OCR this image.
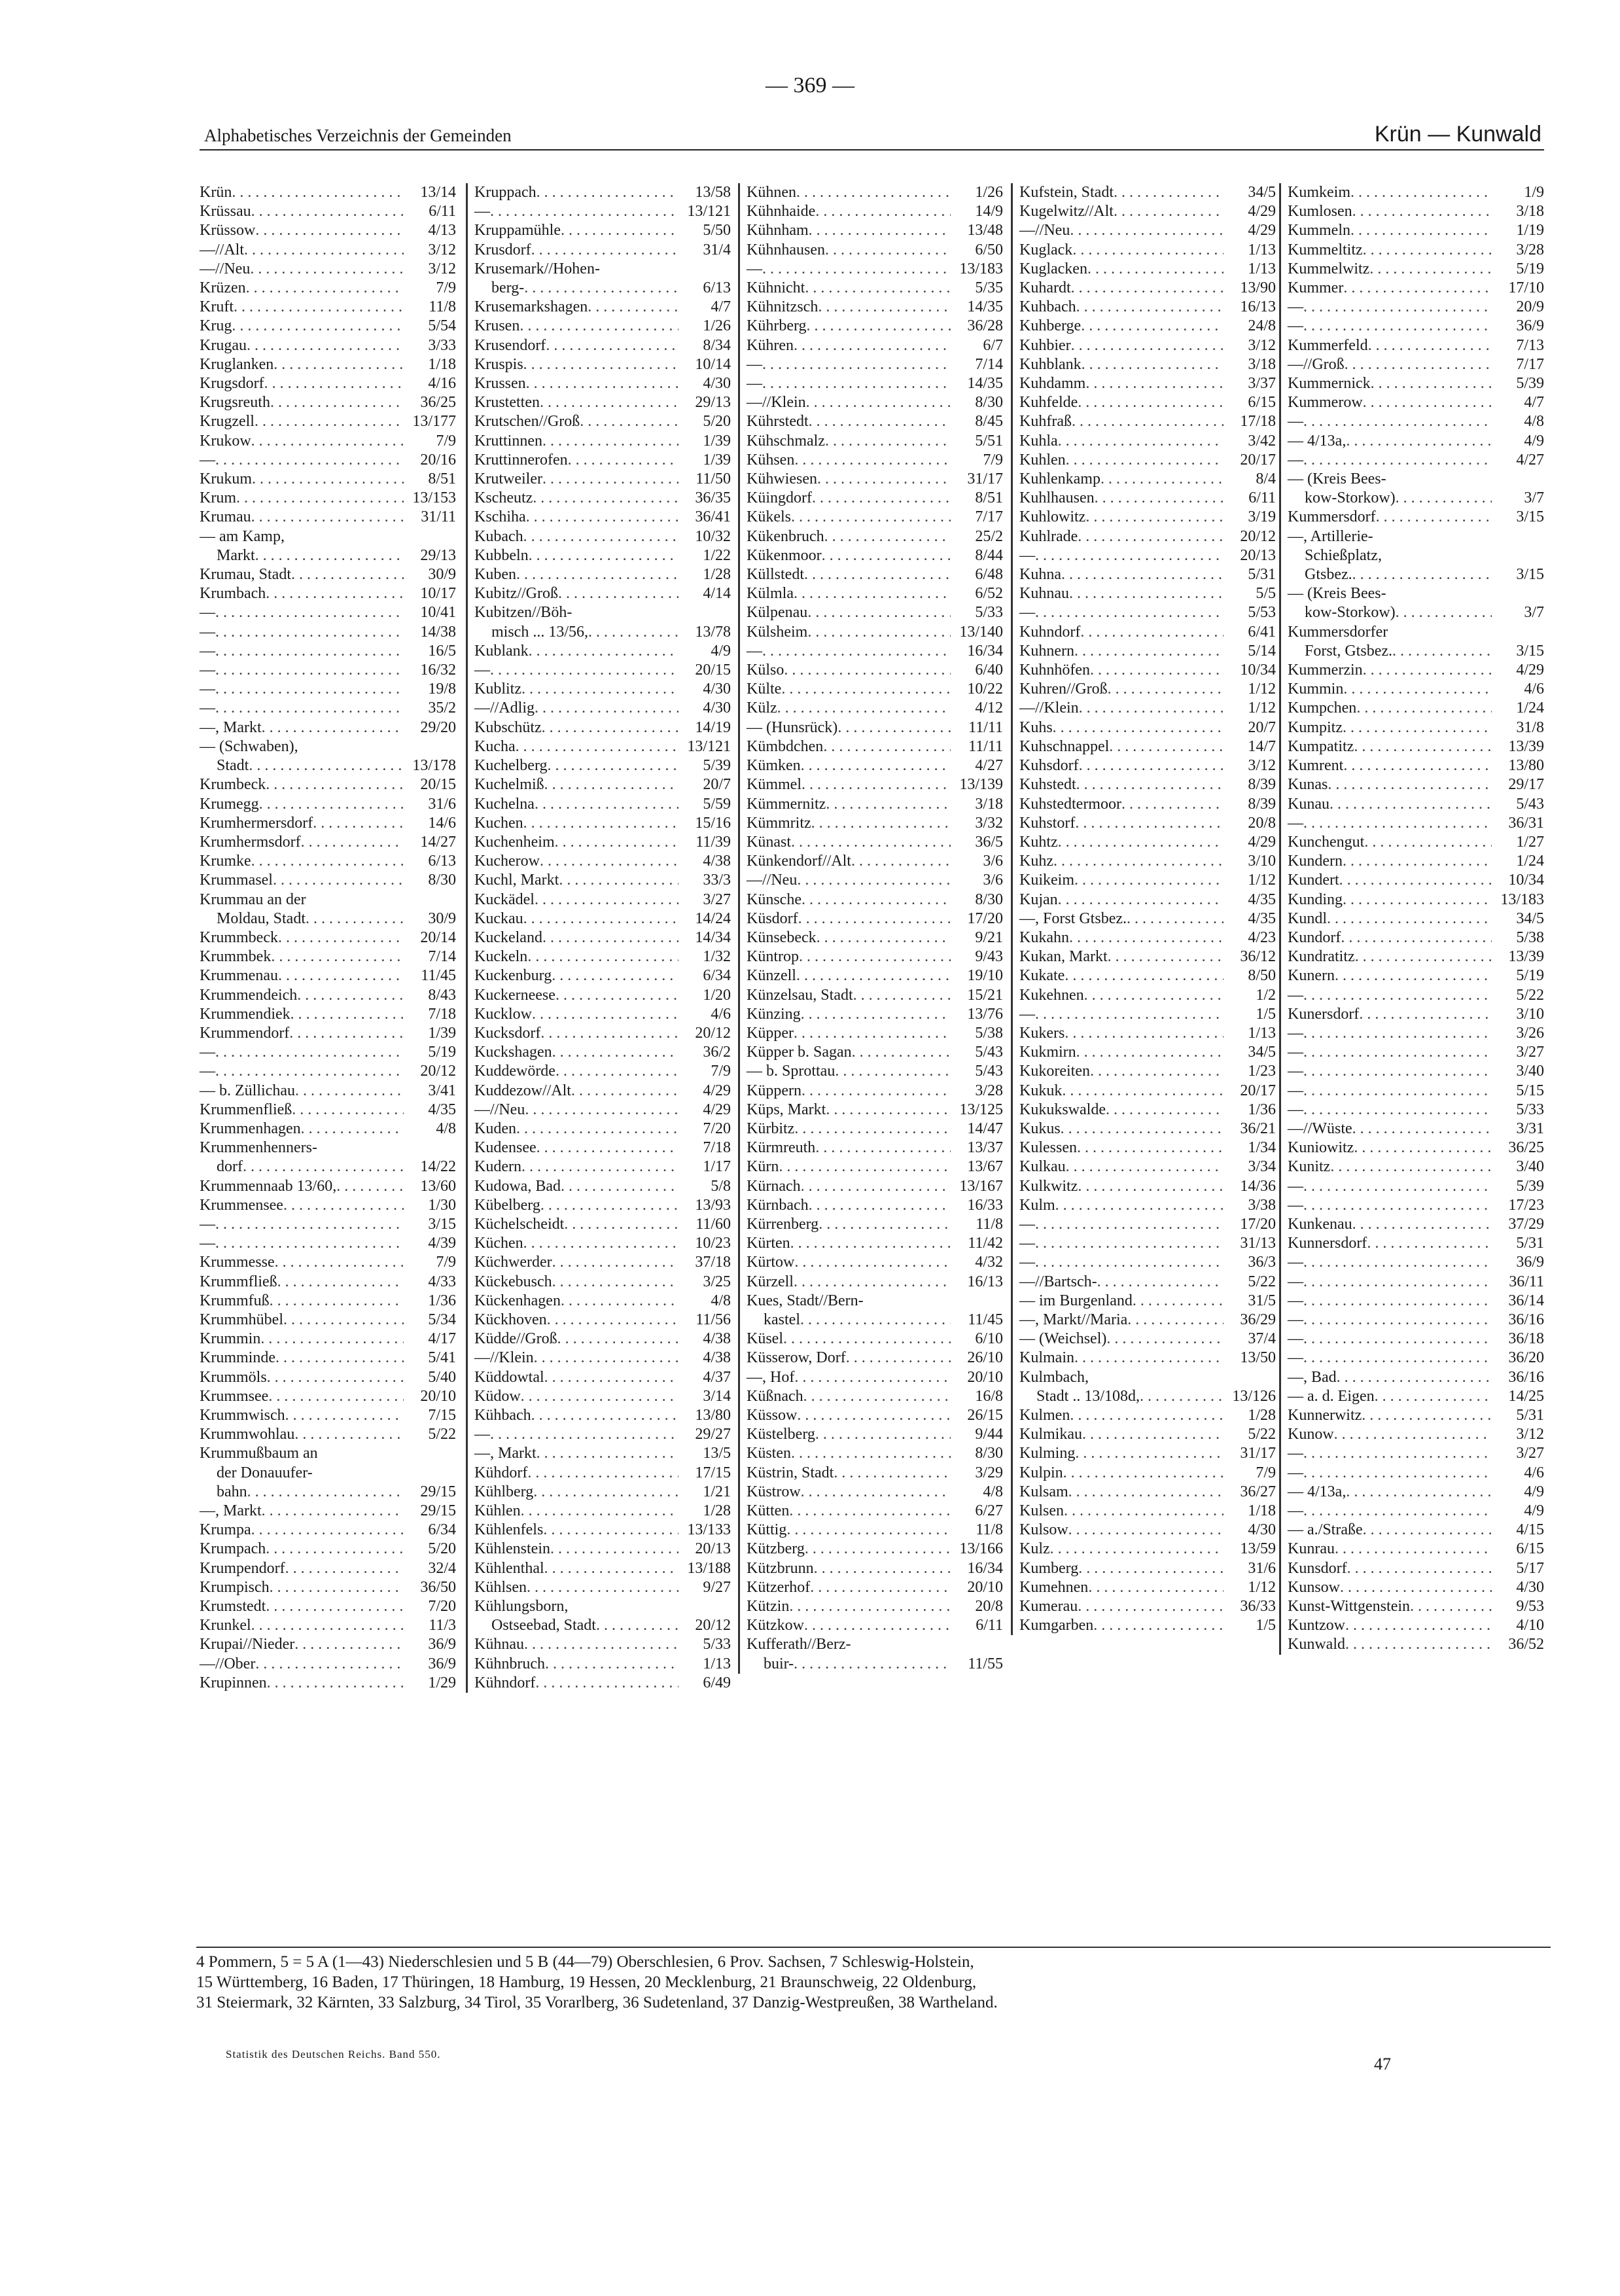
— 369 —
Alphabetisches Verzeichnis der Gemeinden	Krün — Kunwald
Krün . . .	13/14
Krüssau . . .	6/11
Krüssow . . .	4/13
—//Alt . . .	3/12
—//Neu . . .	3/12
Krüzen . . .	7/9
Kruft . . .	11/8
Krug . . .	5/54
Krugau . . .	3/33
Kruglanken . . .	1/18
Krugsdorf . . .	4/16
Krugsreuth . . .	36/25
Krugzell . . .	13/177
Krukow . . .	7/9
— . . .	20/16
Krukum . . .	8/51
Krum . . .	13/153
Krumau . . .	31/11
— am Kamp,
Markt . . .	29/13
Krumau, Stadt . . .	30/9
Krumbach . . .	10/17
— . . .	10/41
— . . .	14/38
— . . .	16/5
— . . .	16/32
— . . .	19/8
— . . .	35/2
—, Markt . . .	29/20
— (Schwaben),
Stadt . . .	13/178
Krumbeck . . .	20/15
Krumegg . . .	31/6
Krumhermersdorf . . .	14/6
Krumhermsdorf . . .	14/27
Krumke . . .	6/13
Krummasel . . .	8/30
Krummau an der
Moldau, Stadt . . .	30/9
Krummbeck . . .	20/14
Krummbek . . .	7/14
Krummenau . . .	11/45
Krummendeich . . .	8/43
Krummendiek . . .	7/18
Krummendorf . . .	1/39
— . . .	5/19
— . . .	20/12
— b. Züllichau . . .	3/41
Krummenfließ . . .	4/35
Krummenhagen . . .	4/8
Krummenhenners-
dorf . . .	14/22
Krummennaab 13/60, . . .	13/60
Krummensee . . .	1/30
— . . .	3/15
— . . .	4/39
Krummesse . . .	7/9
Krummfließ . . .	4/33
Krummfuß . . .	1/36
Krummhübel . . .	5/34
Krummin . . .	4/17
Krumminde . . .	5/41
Krummöls . . .	5/40
Krummsee . . .	20/10
Krummwisch . . .	7/15
Krummwohlau . . .	5/22
Krummußbaum an
der Donauufer-
bahn . . .	29/15
—, Markt . . .	29/15
Krumpa . . .	6/34
Krumpach . . .	5/20
Krumpendorf . . .	32/4
Krumpisch . . .	36/50
Krumstedt . . .	7/20
Krunkel . . .	11/3
Krupai//Nieder . . .	36/9
—//Ober . . .	36/9
Krupinnen . . .	1/29
Kruppach . . .	13/58
— . . .	13/121
Kruppamühle . . .	5/50
Krusdorf . . .	31/4
Krusemark//Hohen-
berg- . . .	6/13
Krusemarkshagen . . .	4/7
Krusen . . .	1/26
Krusendorf . . .	8/34
Kruspis . . .	10/14
Krussen . . .	4/30
Krustetten . . .	29/13
Krutschen//Groß . . .	5/20
Kruttinnen . . .	1/39
Kruttinnerofen . . .	1/39
Krutweiler . . .	11/50
Kscheutz . . .	36/35
Kschiha . . .	36/41
Kubach . . .	10/32
Kubbeln . . .	1/22
Kuben . . .	1/28
Kubitz//Groß . . .	4/14
Kubitzen//Böh-
misch ... 13/56, . . .	13/78
Kublank . . .	4/9
— . . .	20/15
Kublitz . . .	4/30
—//Adlig . . .	4/30
Kubschütz . . .	14/19
Kucha . . .	13/121
Kuchelberg . . .	5/39
Kuchelmiß . . .	20/7
Kuchelna . . .	5/59
Kuchen . . .	15/16
Kuchenheim . . .	11/39
Kucherow . . .	4/38
Kuchl, Markt . . .	33/3
Kuckädel . . .	3/27
Kuckau . . .	14/24
Kuckeland . . .	14/34
Kuckeln . . .	1/32
Kuckenburg . . .	6/34
Kuckerneese . . .	1/20
Kucklow . . .	4/6
Kucksdorf . . .	20/12
Kuckshagen . . .	36/2
Kuddewörde . . .	7/9
Kuddezow//Alt . . .	4/29
—//Neu . . .	4/29
Kuden . . .	7/20
Kudensee . . .	7/18
Kudern . . .	1/17
Kudowa, Bad . . .	5/8
Kübelberg . . .	13/93
Küchelscheidt . . .	11/60
Küchen . . .	10/23
Küchwerder . . .	37/18
Kückebusch . . .	3/25
Kückenhagen . . .	4/8
Kückhoven . . .	11/56
Küdde//Groß . . .	4/38
—//Klein . . .	4/38
Küddowtal . . .	4/37
Küdow . . .	3/14
Kühbach . . .	13/80
— . . .	29/27
—, Markt . . .	13/5
Kühdorf . . .	17/15
Kühlberg . . .	1/21
Kühlen . . .	1/28
Kühlenfels . . .	13/133
Kühlenstein . . .	20/13
Kühlenthal . . .	13/188
Kühlsen . . .	9/27
Kühlungsborn,
Ostseebad, Stadt . . .	20/12
Kühnau . . .	5/33
Kühnbruch . . .	1/13
Kühndorf . . .	6/49
Kühnen . . .	1/26
Kühnhaide . . .	14/9
Kühnham . . .	13/48
Kühnhausen . . .	6/50
— . . .	13/183
Kühnicht . . .	5/35
Kühnitzsch . . .	14/35
Kührberg . . .	36/28
Kühren . . .	6/7
— . . .	7/14
— . . .	14/35
—//Klein . . .	8/30
Kührstedt . . .	8/45
Kühschmalz . . .	5/51
Kühsen . . .	7/9
Kühwiesen . . .	31/17
Küingdorf . . .	8/51
Kükels . . .	7/17
Kükenbruch . . .	25/2
Kükenmoor . . .	8/44
Küllstedt . . .	6/48
Külmla . . .	6/52
Külpenau . . .	5/33
Külsheim . . .	13/140
— . . .	16/34
Külso . . .	6/40
Külte . . .	10/22
Külz . . .	4/12
— (Hunsrück) . . .	11/11
Kümbdchen . . .	11/11
Kümken . . .	4/27
Kümmel . . .	13/139
Kümmernitz . . .	3/18
Kümmritz . . .	3/32
Künast . . .	36/5
Künkendorf//Alt . . .	3/6
—//Neu . . .	3/6
Künsche . . .	8/30
Küsdorf . . .	17/20
Künsebeck . . .	9/21
Küntrop . . .	9/43
Künzell . . .	19/10
Künzelsau, Stadt . . .	15/21
Künzing . . .	13/76
Küpper . . .	5/38
Küpper b. Sagan . . .	5/43
— b. Sprottau . . .	5/43
Küppern . . .	3/28
Küps, Markt . . .	13/125
Kürbitz . . .	14/47
Kürmreuth . . .	13/37
Kürn . . .	13/67
Kürnach . . .	13/167
Kürnbach . . .	16/33
Kürrenberg . . .	11/8
Kürten . . .	11/42
Kürtow . . .	4/32
Kürzell . . .	16/13
Kues, Stadt//Bern-
kastel . . .	11/45
Küsel . . .	6/10
Küsserow, Dorf . . .	26/10
—, Hof . . .	20/10
Küßnach . . .	16/8
Küssow . . .	26/15
Küstelberg . . .	9/44
Küsten . . .	8/30
Küstrin, Stadt . . .	3/29
Küstrow . . .	4/8
Kütten . . .	6/27
Küttig . . .	11/8
Kützberg . . .	13/166
Kützbrunn . . .	16/34
Kützerhof . . .	20/10
Kützin . . .	20/8
Kützkow . . .	6/11
Kufferath//Berz-
buir- . . .	11/55
Kufstein, Stadt . . .	34/5
Kugelwitz//Alt . . .	4/29
—//Neu . . .	4/29
Kuglack . . .	1/13
Kuglacken . . .	1/13
Kuhardt . . .	13/90
Kuhbach . . .	16/13
Kuhberge . . .	24/8
Kuhbier . . .	3/12
Kuhblank . . .	3/18
Kuhdamm . . .	3/37
Kuhfelde . . .	6/15
Kuhfraß . . .	17/18
Kuhla . . .	3/42
Kuhlen . . .	20/17
Kuhlenkamp . . .	8/4
Kuhlhausen . . .	6/11
Kuhlowitz . . .	3/19
Kuhlrade . . .	20/12
— . . .	20/13
Kuhna . . .	5/31
Kuhnau . . .	5/5
— . . .	5/53
Kuhndorf . . .	6/41
Kuhnern . . .	5/14
Kuhnhöfen . . .	10/34
Kuhren//Groß . . .	1/12
—//Klein . . .	1/12
Kuhs . . .	20/7
Kuhschnappel . . .	14/7
Kuhsdorf . . .	3/12
Kuhstedt . . .	8/39
Kuhstedtermoor . . .	8/39
Kuhstorf . . .	20/8
Kuhtz . . .	4/29
Kuhz . . .	3/10
Kuikeim . . .	1/12
Kujan . . .	4/35
—, Forst Gtsbez. . . .	4/35
Kukahn . . .	4/23
Kukan, Markt . . .	36/12
Kukate . . .	8/50
Kukehnen . . .	1/2
— . . .	1/5
Kukers . . .	1/13
Kukmirn . . .	34/5
Kukoreiten . . .	1/23
Kukuk . . .	20/17
Kukukswalde . . .	1/36
Kukus . . .	36/21
Kulessen . . .	1/34
Kulkau . . .	3/34
Kulkwitz . . .	14/36
Kulm . . .	3/38
— . . .	17/20
— . . .	31/13
— . . .	36/3
—//Bartsch- . . .	5/22
— im Burgenland . . .	31/5
—, Markt//Maria . . .	36/29
— (Weichsel) . . .	37/4
Kulmain . . .	13/50
Kulmbach,
Stadt .. 13/108d, . . .	13/126
Kulmen . . .	1/28
Kulmikau . . .	5/22
Kulming . . .	31/17
Kulpin . . .	7/9
Kulsam . . .	36/27
Kulsen . . .	1/18
Kulsow . . .	4/30
Kulz . . .	13/59
Kumberg . . .	31/6
Kumehnen . . .	1/12
Kumerau . . .	36/33
Kumgarben . . .	1/5
Kumkeim . . .	1/9
Kumlosen . . .	3/18
Kummeln . . .	1/19
Kummeltitz . . .	3/28
Kummelwitz . . .	5/19
Kummer . . .	17/10
— . . .	20/9
— . . .	36/9
Kummerfeld . . .	7/13
—//Groß . . .	7/17
Kummernick . . .	5/39
Kummerow . . .	4/7
— . . .	4/8
— 4/13a, . . .	4/9
— . . .	4/27
— (Kreis Bees-
kow-Storkow) . . .	3/7
Kummersdorf . . .	3/15
—, Artillerie-
Schießplatz,
Gtsbez. . . .	3/15
— (Kreis Bees-
kow-Storkow) . . .	3/7
Kummersdorfer
Forst, Gtsbez. . . .	3/15
Kummerzin . . .	4/29
Kummin . . .	4/6
Kumpchen . . .	1/24
Kumpitz . . .	31/8
Kumpatitz . . .	13/39
Kumrent . . .	13/80
Kunas . . .	29/17
Kunau . . .	5/43
— . . .	36/31
Kunchengut . . .	1/27
Kundern . . .	1/24
Kundert . . .	10/34
Kunding . . .	13/183
Kundl . . .	34/5
Kundorf . . .	5/38
Kundratitz . . .	13/39
Kunern . . .	5/19
— . . .	5/22
Kunersdorf . . .	3/10
— . . .	3/26
— . . .	3/27
— . . .	3/40
— . . .	5/15
— . . .	5/33
—//Wüste . . .	3/31
Kuniowitz . . .	36/25
Kunitz . . .	3/40
— . . .	5/39
— . . .	17/23
Kunkenau . . .	37/29
Kunnersdorf . . .	5/31
— . . .	36/9
— . . .	36/11
— . . .	36/14
— . . .	36/16
— . . .	36/18
— . . .	36/20
—, Bad . . .	36/16
— a. d. Eigen . . .	14/25
Kunnerwitz . . .	5/31
Kunow . . .	3/12
— . . .	3/27
— . . .	4/6
— 4/13a, . . .	4/9
— . . .	4/9
— a./Straße . . .	4/15
Kunrau . . .	6/15
Kunsdorf . . .	5/17
Kunsow . . .	4/30
Kunst-Wittgenstein . . .	9/53
Kuntzow . . .	4/10
Kunwald . . .	36/52
4 Pommern, 5 = 5 A (1—43) Niederschlesien und 5 B (44—79) Oberschlesien, 6 Prov. Sachsen, 7 Schleswig-Holstein,
15 Württemberg, 16 Baden, 17 Thüringen, 18 Hamburg, 19 Hessen, 20 Mecklenburg, 21 Braunschweig, 22 Oldenburg,
31 Steiermark, 32 Kärnten, 33 Salzburg, 34 Tirol, 35 Vorarlberg, 36 Sudetenland, 37 Danzig-Westpreußen, 38 Wartheland.
Statistik des Deutschen Reichs. Band 550.
47
